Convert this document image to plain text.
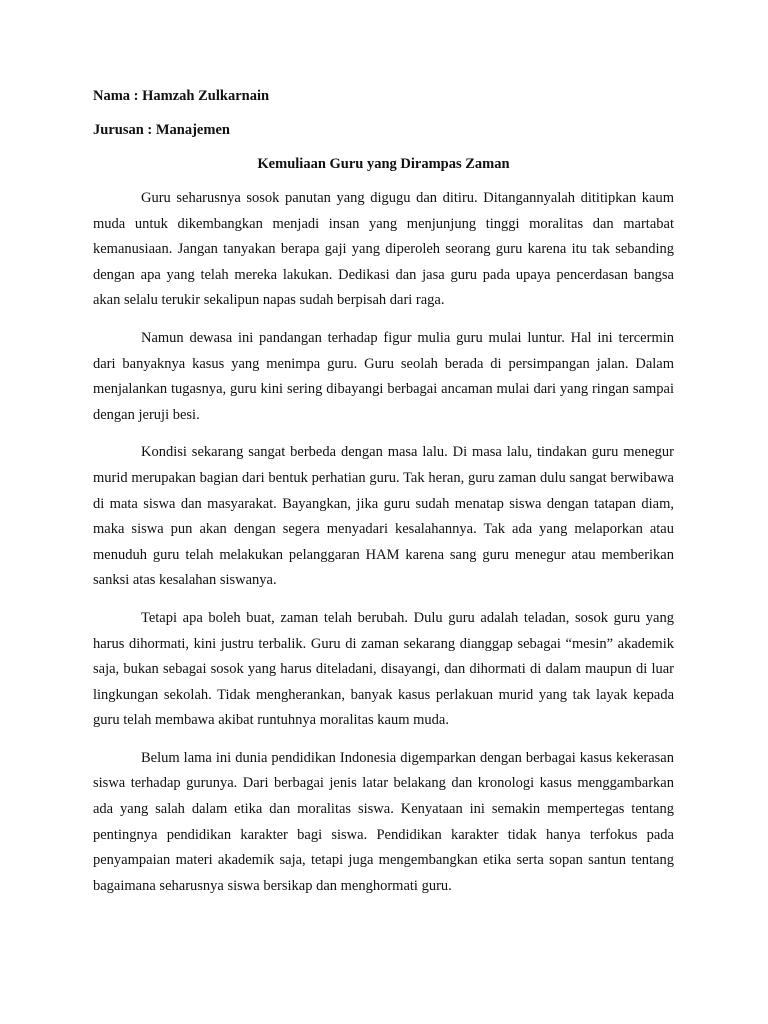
Nama : Hamzah Zulkarnain

Jurusan : Manajemen

Kemuliaan Guru yang Dirampas Zaman

Guru seharusnya sosok panutan yang digugu dan ditiru. Ditangannyalah dititipkan kaum muda untuk dikembangkan menjadi insan yang menjunjung tinggi moralitas dan martabat kemanusiaan. Jangan tanyakan berapa gaji yang diperoleh seorang guru karena itu tak sebanding dengan apa yang telah mereka lakukan. Dedikasi dan jasa guru pada upaya pencerdasan bangsa akan selalu terukir sekalipun napas sudah berpisah dari raga.

Namun dewasa ini pandangan terhadap figur mulia guru mulai luntur. Hal ini tercermin dari banyaknya kasus yang menimpa guru. Guru seolah berada di persimpangan jalan. Dalam menjalankan tugasnya, guru kini sering dibayangi berbagai ancaman mulai dari yang ringan sampai dengan jeruji besi.

Kondisi sekarang sangat berbeda dengan masa lalu. Di masa lalu, tindakan guru menegur murid merupakan bagian dari bentuk perhatian guru. Tak heran, guru zaman dulu sangat berwibawa di mata siswa dan masyarakat. Bayangkan, jika guru sudah menatap siswa dengan tatapan diam, maka siswa pun akan dengan segera menyadari kesalahannya. Tak ada yang melaporkan atau menuduh guru telah melakukan pelanggaran HAM karena sang guru menegur atau memberikan sanksi atas kesalahan siswanya.

Tetapi apa boleh buat, zaman telah berubah. Dulu guru adalah teladan, sosok guru yang harus dihormati, kini justru terbalik. Guru di zaman sekarang dianggap sebagai “mesin” akademik saja, bukan sebagai sosok yang harus diteladani, disayangi, dan dihormati di dalam maupun di luar lingkungan sekolah. Tidak mengherankan, banyak kasus perlakuan murid yang tak layak kepada guru telah membawa akibat runtuhnya moralitas kaum muda.

Belum lama ini dunia pendidikan Indonesia digemparkan dengan berbagai kasus kekerasan siswa terhadap gurunya. Dari berbagai jenis latar belakang dan kronologi kasus menggambarkan ada yang salah dalam etika dan moralitas siswa. Kenyataan ini semakin mempertegas tentang pentingnya pendidikan karakter bagi siswa. Pendidikan karakter tidak hanya terfokus pada penyampaian materi akademik saja, tetapi juga mengembangkan etika serta sopan santun tentang bagaimana seharusnya siswa bersikap dan menghormati guru.
